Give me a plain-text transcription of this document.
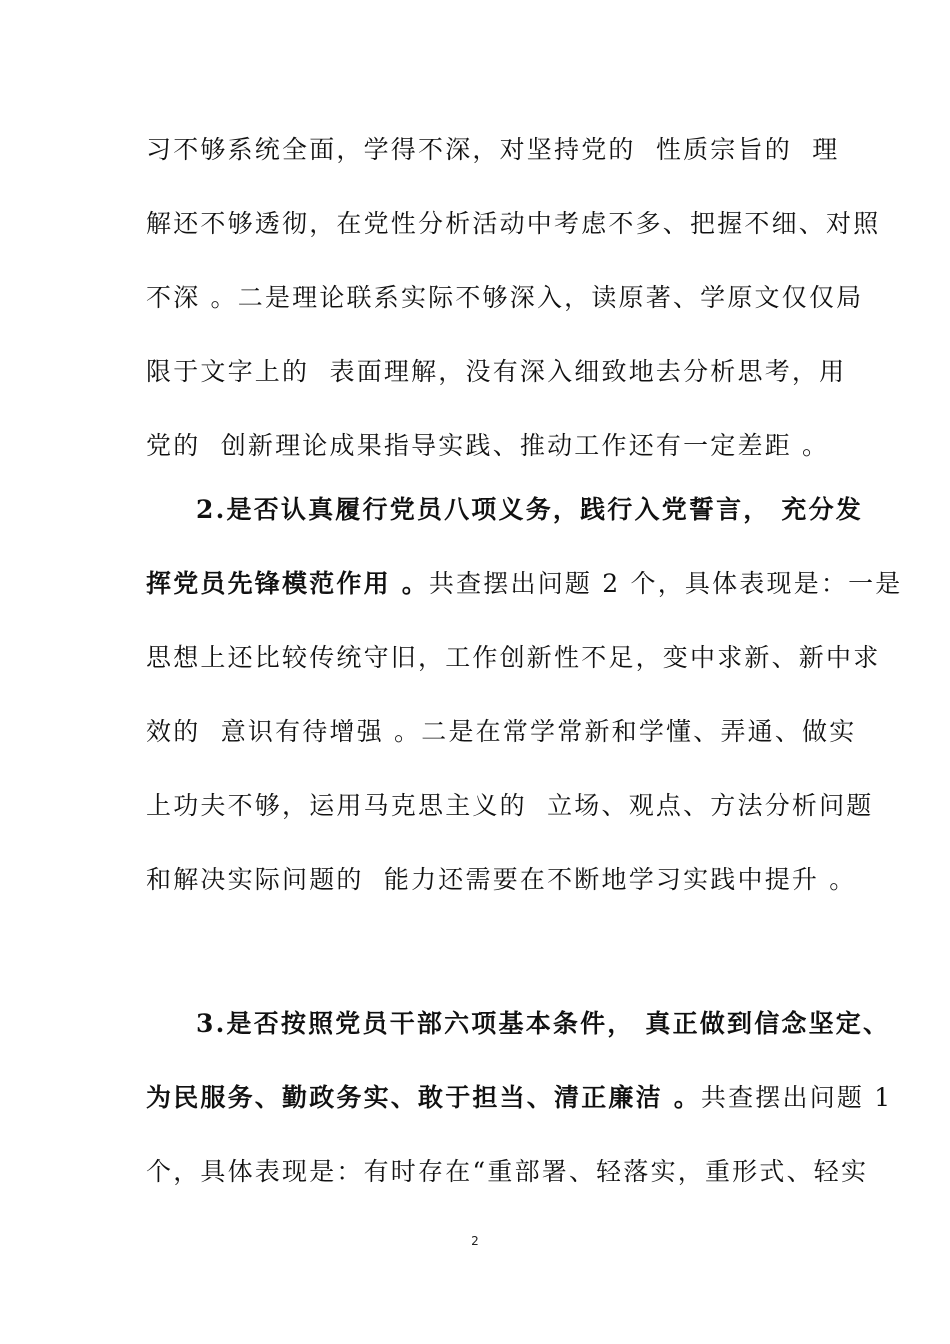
习不够系统全面，学得不深，对坚持党的  性质宗旨的  理
解还不够透彻，在党性分析活动中考虑不多、把握不细、对照
不深 。二是理论联系实际不够深入，读原著、学原文仅仅局
限于文字上的  表面理解，没有深入细致地去分析思考，用
党的  创新理论成果指导实践、推动工作还有一定差距 。
2.是否认真履行党员八项义务，践行入党誓言， 充分发
挥党员先锋模范作用 。共查摆出问题 2 个，具体表现是：一是
思想上还比较传统守旧，工作创新性不足，变中求新、新中求
效的  意识有待增强 。二是在常学常新和学懂、弄通、做实
上功夫不够，运用马克思主义的  立场、观点、方法分析问题
和解决实际问题的  能力还需要在不断地学习实践中提升 。
3.是否按照党员干部六项基本条件， 真正做到信念坚定、
为民服务、勤政务实、敢于担当、清正廉洁 。共查摆出问题 1
个，具体表现是：有时存在“重部署、轻落实，重形式、轻实
2
